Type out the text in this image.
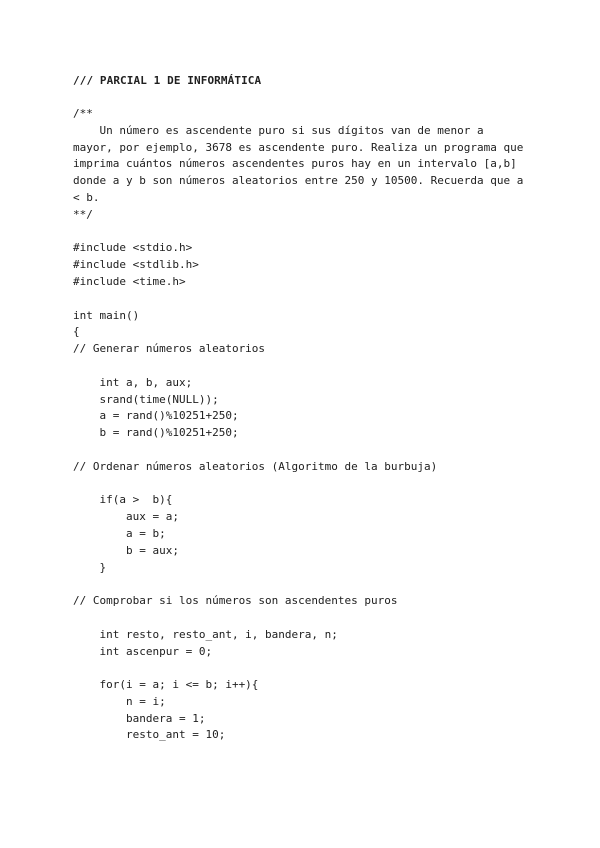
/// PARCIAL 1 DE INFORMÁTICA
/**
Un número es ascendente puro si sus dígitos van de menor a
mayor, por ejemplo, 3678 es ascendente puro. Realiza un programa que
imprima cuántos números ascendentes puros hay en un intervalo [a,b]
donde a y b son números aleatorios entre 250 y 10500. Recuerda que a
< b.
**/
#include <stdio.h>
#include <stdlib.h>
#include <time.h>
int main()
{
// Generar números aleatorios
int a, b, aux;
srand(time(NULL));
a = rand()%10251+250;
b = rand()%10251+250;
// Ordenar números aleatorios (Algoritmo de la burbuja)
if(a >  b){
aux = a;
a = b;
b = aux;
}
// Comprobar si los números son ascendentes puros
int resto, resto_ant, i, bandera, n;
int ascenpur = 0;
for(i = a; i <= b; i++){
n = i;
bandera = 1;
resto_ant = 10;
